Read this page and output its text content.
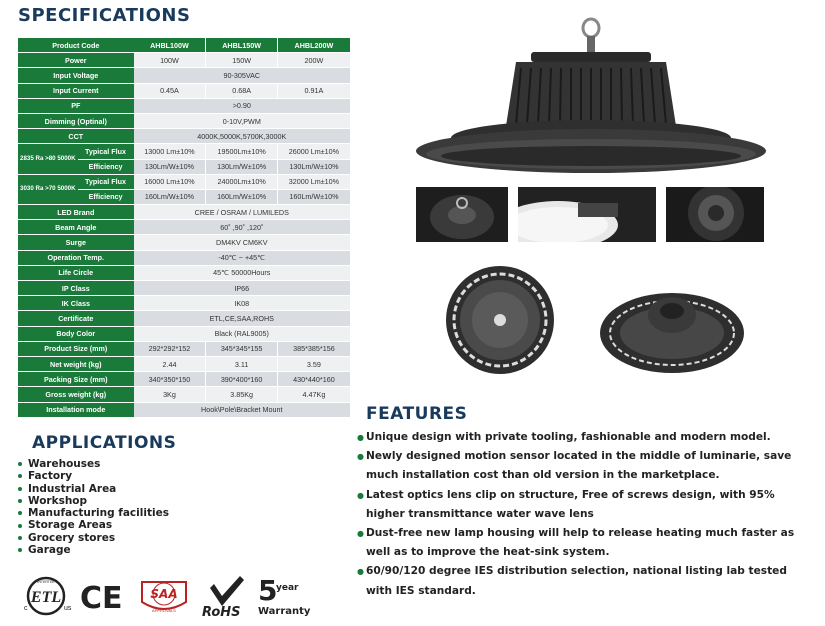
SPECIFICATIONS
Product Code		AHBL100W	AHBL150W	AHBL200W
Power		100W	150W	200W
Input Voltage		90-305VAC		
Input Current		0.45A	0.68A	0.91A
PF		>0.90		
Dimming (Optinal)		0-10V,PWM		
CCT		4000K,5000K,5700K,3000K		
2835 Ra >80 5000K	Typical Flux	13000 Lm±10%	19500Lm±10%	26000 Lm±10%
	Efficiency	130Lm/W±10%	130Lm/W±10%	130Lm/W±10%
3030 Ra >70 5000K	Typical Flux	16000 Lm±10%	24000Lm±10%	32000 Lm±10%
	Efficiency	160Lm/W±10%	160Lm/W±10%	160Lm/W±10%
LED Brand		CREE / OSRAM / LUMILEDS		
Beam Angle		60˚ ,90˚ ,120˚		
Surge		DM4KV CM6KV		
Operation Temp.		-40℃ ~ +45℃		
Life Circle		45℃ 50000Hours		
IP Class		IP66		
IK Class		IK08		
Certificate		ETL,CE,SAA,ROHS		
Body Color		Black (RAL9005)		
Product Size (mm)		292*292*152	345*345*155	385*385*156
Net weight (kg)		2.44	3.11	3.59
Packing Size (mm)		340*350*150	390*400*160	430*440*160
Gross weight (kg)		3Kg	3.85Kg	4.47Kg
Installation mode		Hook\Pole\Bracket Mount		
APPLICATIONS
Warehouses
Factory
Industrial Area
Workshop
Manufacturing facilities
Storage Areas
Grocery stores
Garage
ETL
INTERTEK
c	us CE SAA
APPROVALS RoHS
5
year
Warranty
FEATURES
● Unique design with private tooling, fashionable and modern model.
● Newly designed motion sensor located in the middle of luminarie, save much installation cost than old version in the marketplace.
● Latest optics lens clip on structure, Free of screws design, with 95% higher transmittance water wave lens
● Dust-free new lamp housing will help to release heating much faster as well as to improve the heat-sink system.
● 60/90/120 degree IES distribution selection, national listing lab tested with IES standard.
